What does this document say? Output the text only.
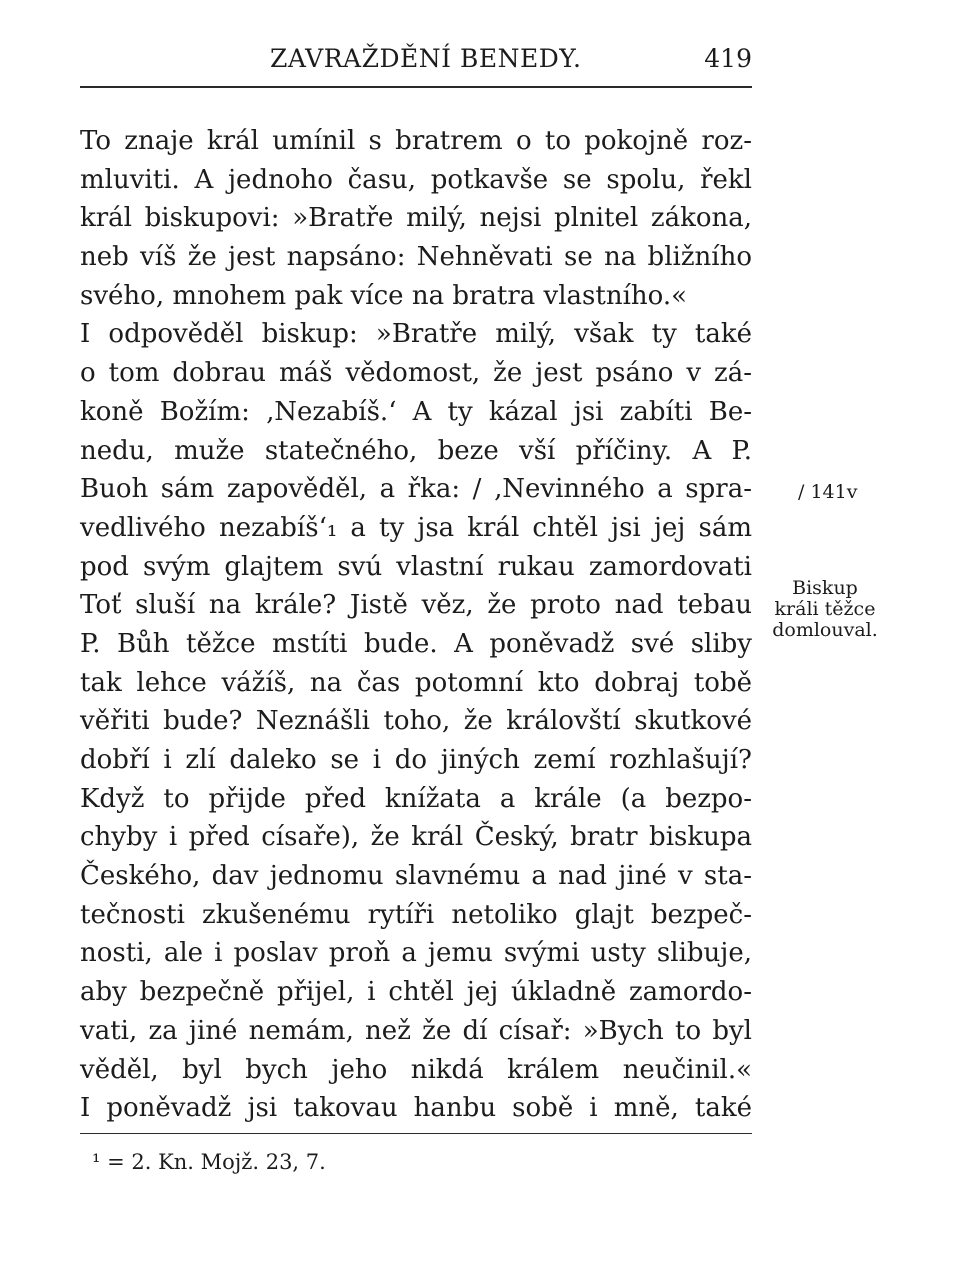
ZAVRAŽDĚNÍ BENEDY.	419
To znaje král umínil s bratrem o to pokojně roz-
mluviti. A jednoho času, potkavše se spolu, řekl
král biskupovi: »Bratře milý, nejsi plnitel zákona,
neb víš že jest napsáno: Nehněvati se na bližního
svého, mnohem pak více na bratra vlastního.«
I odpověděl biskup: »Bratře milý, však ty také
o tom dobrau máš vědomost, že jest psáno v zá-
koně Božím: ‚Nezabíš.‘ A ty kázal jsi zabíti Be-
nedu, muže statečného, beze vší příčiny. A P.
Buoh sám zapověděl, a řka: / ‚Nevinného a spra-
vedlivého nezabíš‘₁ a ty jsa král chtěl jsi jej sám
pod svým glajtem svú vlastní rukau zamordovati
Toť sluší na krále? Jistě věz, že proto nad tebau
P. Bůh těžce mstíti bude. A poněvadž své sliby
tak lehce vážíš, na čas potomní kto dobraj tobě
věřiti bude? Neznášli toho, že královští skutkové
dobří i zlí daleko se i do jiných zemí rozhlašují?
Když to přijde před knížata a krále (a bezpo-
chyby i před císaře), že král Český, bratr biskupa
Českého, dav jednomu slavnému a nad jiné v sta-
tečnosti zkušenému rytíři netoliko glajt bezpeč-
nosti, ale i poslav proň a jemu svými usty slibuje,
aby bezpečně přijel, i chtěl jej úkladně zamordo-
vati, za jiné nemám, než že dí císař: »Bych to byl
věděl, byl bych jeho nikdá králem neučinil.«
I poněvadž jsi takovau hanbu sobě i mně, také
/ 141v
Biskup
králi těžce
domlouval.
¹ = 2. Kn. Mojž. 23, 7.
